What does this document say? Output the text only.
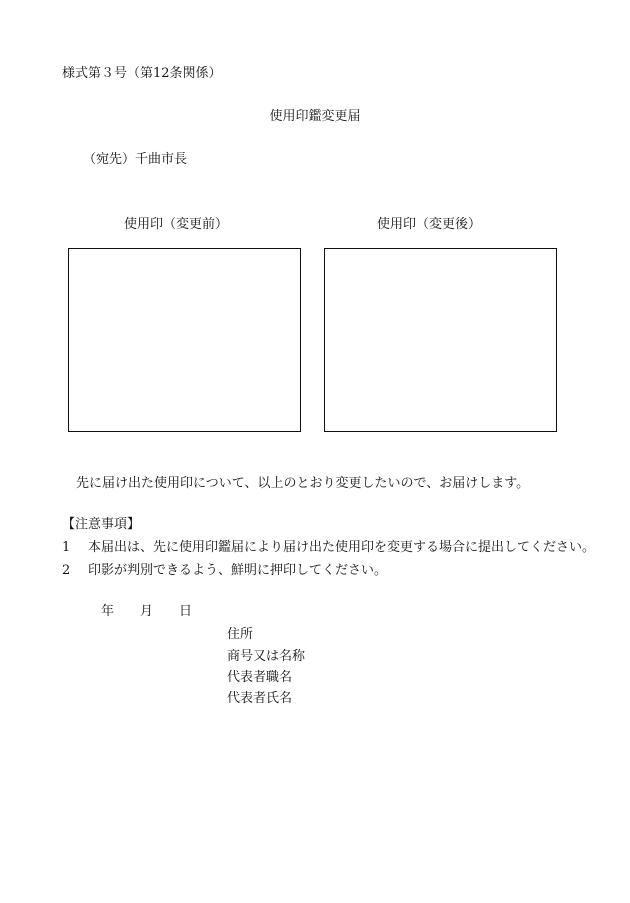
様式第３号（第12条関係）
使用印鑑変更届
（宛先）千曲市長
使用印（変更前）	使用印（変更後）
先に届け出た使用印について、以上のとおり変更したいので、お届けします。
【注意事項】
1 本届出は、先に使用印鑑届により届け出た使用印を変更する場合に提出してください。
2 印影が判別できるよう、鮮明に押印してください。
年 月 日
住所
商号又は名称
代表者職名
代表者氏名
